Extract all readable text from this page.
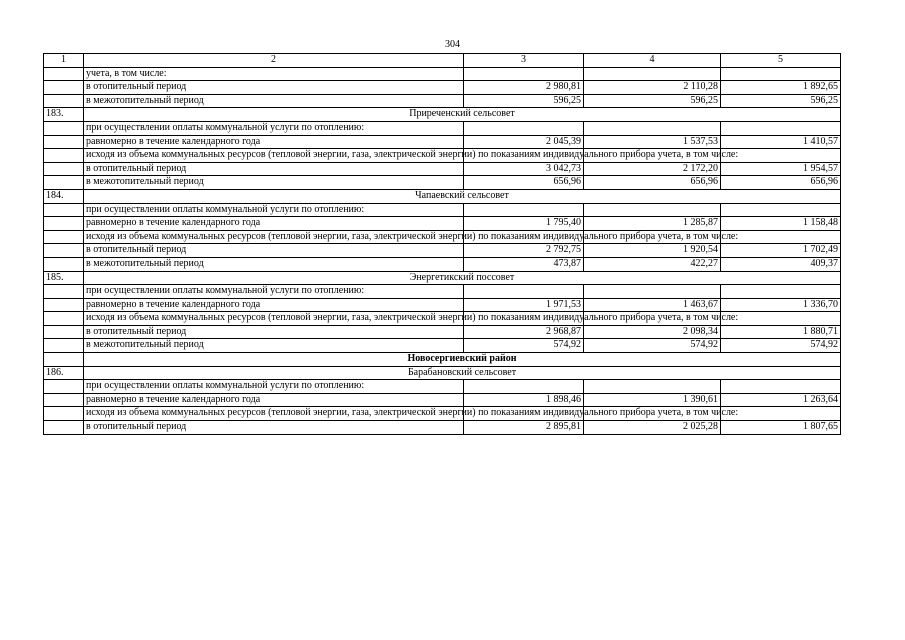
304
1	2	3	4	5
	учета, в том числе:			
	в отопительный период	2 980,81	2 110,28	1 892,65
	в межотопительный период	596,25	596,25	596,25
183.	Приреченский сельсовет			
	при осуществлении оплаты коммунальной услуги по отоплению:			
	равномерно в течение календарного года	2 045,39	1 537,53	1 410,57
	исходя из объема коммунальных ресурсов (тепловой энергии, газа, электрической энергии) по показаниям индивидуального прибора учета, в том числе:			
	в отопительный период	3 042,73	2 172,20	1 954,57
	в межотопительный период	656,96	656,96	656,96
184.	Чапаевский сельсовет			
	при осуществлении оплаты коммунальной услуги по отоплению:			
	равномерно в течение календарного года	1 795,40	1 285,87	1 158,48
	исходя из объема коммунальных ресурсов (тепловой энергии, газа, электрической энергии) по показаниям индивидуального прибора учета, в том числе:			
	в отопительный период	2 792,75	1 920,54	1 702,49
	в межотопительный период	473,87	422,27	409,37
185.	Энергетикский поссовет			
	при осуществлении оплаты коммунальной услуги по отоплению:			
	равномерно в течение календарного года	1 971,53	1 463,67	1 336,70
	исходя из объема коммунальных ресурсов (тепловой энергии, газа, электрической энергии) по показаниям индивидуального прибора учета, в том числе:			
	в отопительный период	2 968,87	2 098,34	1 880,71
	в межотопительный период	574,92	574,92	574,92
	Новосергиевский район			
186.	Барабановский сельсовет			
	при осуществлении оплаты коммунальной услуги по отоплению:			
	равномерно в течение календарного года	1 898,46	1 390,61	1 263,64
	исходя из объема коммунальных ресурсов (тепловой энергии, газа, электрической энергии) по показаниям индивидуального прибора учета, в том числе:			
	в отопительный период	2 895,81	2 025,28	1 807,65
